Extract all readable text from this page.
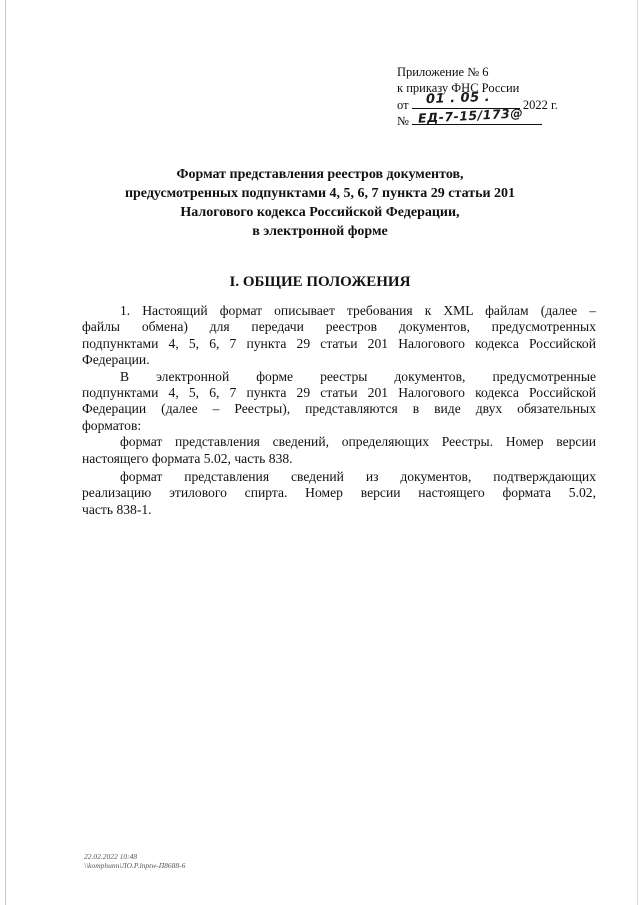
Приложение № 6
к приказу ФНС России
от 01 . 05 .	2022 г.
№ ЕД-7-15/173@
Формат представления реестров документов,
предусмотренных подпунктами 4, 5, 6, 7 пункта 29 статьи 201
Налогового кодекса Российской Федерации,
в электронной форме
I. ОБЩИЕ ПОЛОЖЕНИЯ
1. Настоящий формат описывает требования к XML файлам (далее –
файлы обмена) для передачи реестров документов, предусмотренных
подпунктами 4, 5, 6, 7 пункта 29 статьи 201 Налогового кодекса Российской
Федерации.
В электронной форме реестры документов, предусмотренные
подпунктами 4, 5, 6, 7 пункта 29 статьи 201 Налогового кодекса Российской
Федерации (далее – Реестры), представляются в виде двух обязательных
форматов:
формат представления сведений, определяющих Реестры. Номер версии
настоящего формата 5.02, часть 838.
формат представления сведений из документов, подтверждающих
реализацию этилового спирта. Номер версии настоящего формата 5.02,
часть 838-1.
22.02.2022 10:48
\\komphunn\ЛО.Р.lnptw-П8688-6
